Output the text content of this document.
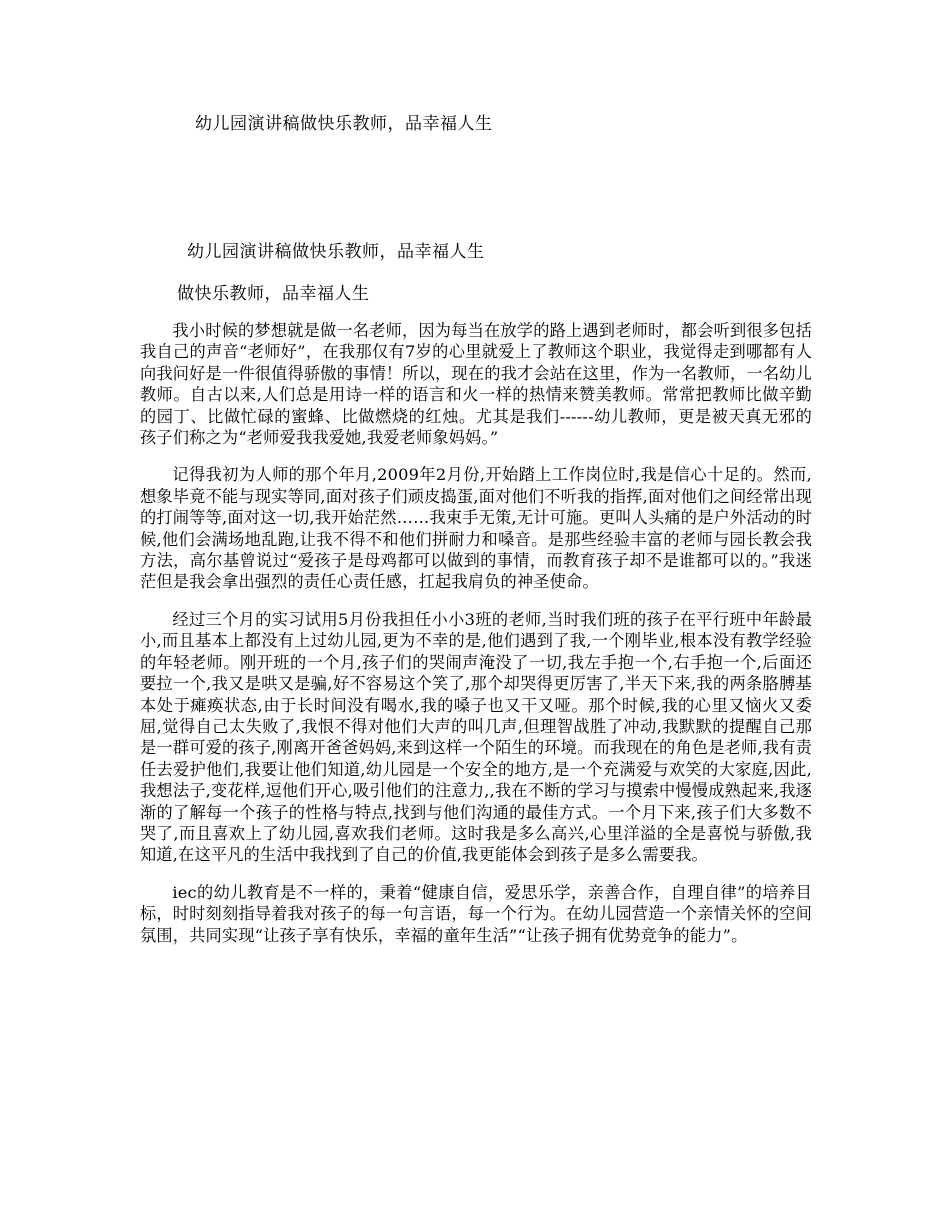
幼儿园演讲稿做快乐教师，品幸福人生
幼儿园演讲稿做快乐教师，品幸福人生
做快乐教师，品幸福人生

我小时候的梦想就是做一名老师，因为每当在放学的路上遇到老师时，都会听到很多包括我自己的声音“老师好”，在我那仅有7岁的心里就爱上了教师这个职业，我觉得走到哪都有人向我问好是一件很值得骄傲的事情！所以，现在的我才会站在这里，作为一名教师，一名幼儿教师。自古以来,人们总是用诗一样的语言和火一样的热情来赞美教师。常常把教师比做辛勤的园丁、比做忙碌的蜜蜂、比做燃烧的红烛。尤其是我们------幼儿教师，更是被天真无邪的孩子们称之为“老师爱我我爱她,我爱老师象妈妈。”

记得我初为人师的那个年月,2009年2月份,开始踏上工作岗位时,我是信心十足的。然而,想象毕竟不能与现实等同,面对孩子们顽皮捣蛋,面对他们不听我的指挥,面对他们之间经常出现的打闹等等,面对这一切,我开始茫然……我束手无策,无计可施。更叫人头痛的是户外活动的时候,他们会满场地乱跑,让我不得不和他们拼耐力和嗓音。是那些经验丰富的老师与园长教会我方法，高尔基曾说过“爱孩子是母鸡都可以做到的事情，而教育孩子却不是谁都可以的。”我迷茫但是我会拿出强烈的责任心责任感，扛起我肩负的神圣使命。

经过三个月的实习试用5月份我担任小小3班的老师,当时我们班的孩子在平行班中年龄最小,而且基本上都没有上过幼儿园,更为不幸的是,他们遇到了我,一个刚毕业,根本没有教学经验的年轻老师。刚开班的一个月,孩子们的哭闹声淹没了一切,我左手抱一个,右手抱一个,后面还要拉一个,我又是哄又是骗,好不容易这个笑了,那个却哭得更厉害了,半天下来,我的两条胳膊基本处于瘫痪状态,由于长时间没有喝水,我的嗓子也又干又哑。那个时候,我的心里又恼火又委屈,觉得自己太失败了,我恨不得对他们大声的叫几声,但理智战胜了冲动,我默默的提醒自己那是一群可爱的孩子,刚离开爸爸妈妈,来到这样一个陌生的环境。而我现在的角色是老师,我有责任去爱护他们,我要让他们知道,幼儿园是一个安全的地方,是一个充满爱与欢笑的大家庭,因此,我想法子,变花样,逗他们开心,吸引他们的注意力,,我在不断的学习与摸索中慢慢成熟起来,我逐渐的了解每一个孩子的性格与特点,找到与他们沟通的最佳方式。一个月下来,孩子们大多数不哭了,而且喜欢上了幼儿园,喜欢我们老师。这时我是多么高兴,心里洋溢的全是喜悦与骄傲,我知道,在这平凡的生活中我找到了自己的价值,我更能体会到孩子是多么需要我。

iec的幼儿教育是不一样的，秉着“健康自信，爱思乐学，亲善合作，自理自律”的培养目标，时时刻刻指导着我对孩子的每一句言语，每一个行为。在幼儿园营造一个亲情关怀的空间氛围，共同实现“让孩子享有快乐，幸福的童年生活”“让孩子拥有优势竞争的能力”。
